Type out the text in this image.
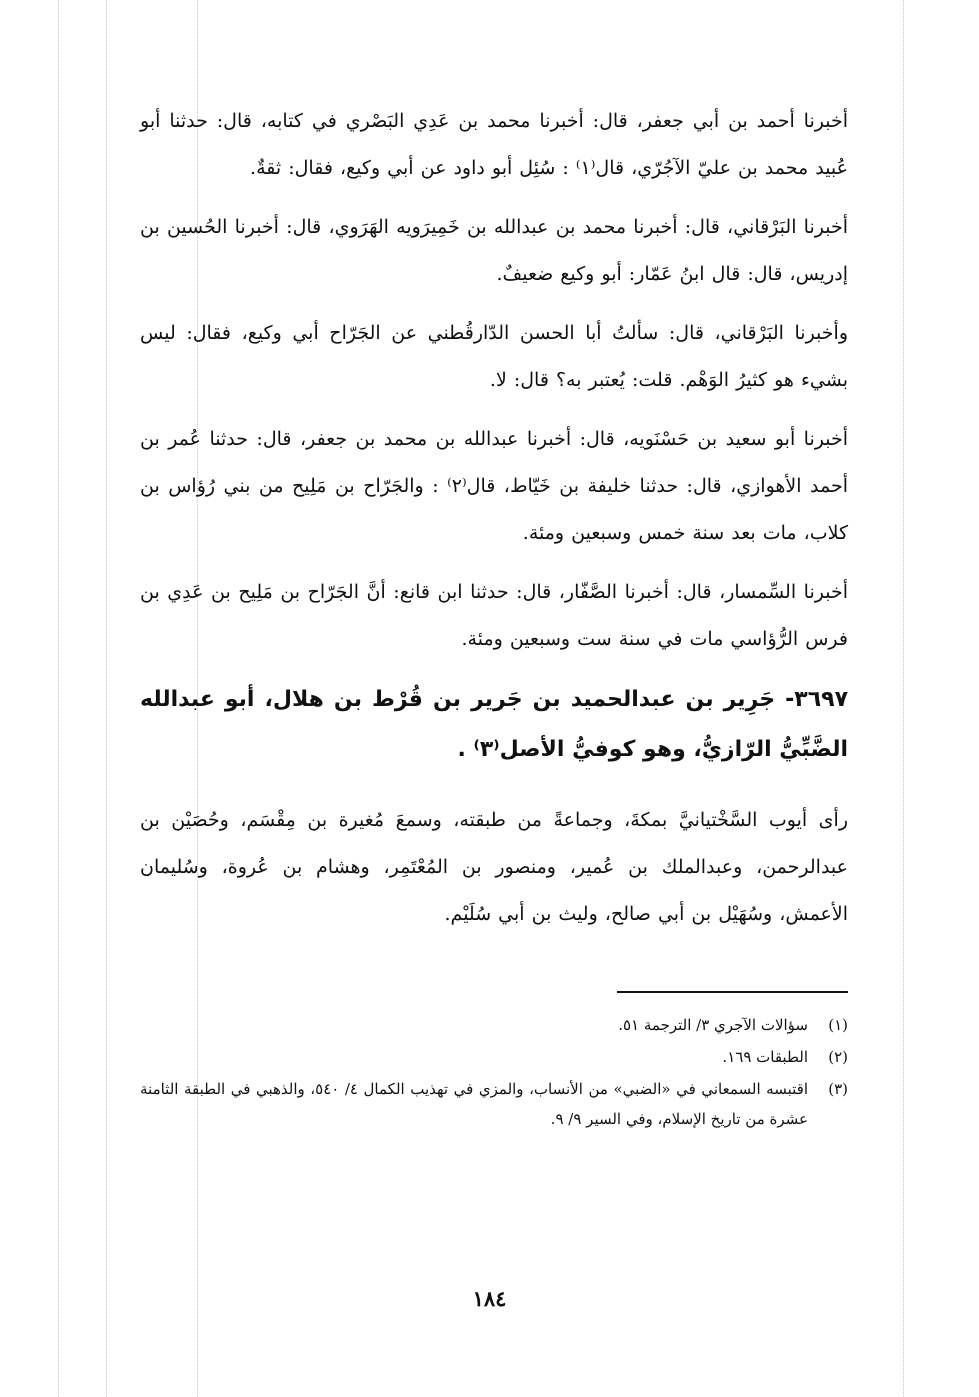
أخبرنا أحمد بن أبي جعفر، قال: أخبرنا محمد بن عَدِي البَصْري في كتابه، قال: حدثنا أبو عُبيد محمد بن عليّ الآجُرّي، قال⁽١⁾ : سُئِل أبو داود عن أبي وكيع، فقال: ثقةٌ.

أخبرنا البَرْقاني، قال: أخبرنا محمد بن عبدالله بن خَمِيرَويه الهَرَوي، قال: أخبرنا الحُسين بن إدريس، قال: قال ابنُ عَمّار: أبو وكيع ضعيفٌ.

وأخبرنا البَرْقاني، قال: سألتُ أبا الحسن الدّارقُطني عن الجَرّاح أبي وكيع، فقال: ليس بشيء هو كثيرُ الوَهْم. قلت: يُعتبر به؟ قال: لا.

أخبرنا أبو سعيد بن حَسْنَويه، قال: أخبرنا عبدالله بن محمد بن جعفر، قال: حدثنا عُمر بن أحمد الأهوازي، قال: حدثنا خليفة بن خَيّاط، قال⁽٢⁾ : والجَرّاح بن مَلِيح من بني رُؤاس بن كلاب، مات بعد سنة خمس وسبعين ومئة.

أخبرنا السِّمسار، قال: أخبرنا الصَّفّار، قال: حدثنا ابن قانع: أنَّ الجَرّاح بن مَلِيح بن عَدِي بن فرس الرُّؤاسي مات في سنة ست وسبعين ومئة.

٣٦٩٧- جَرِير بن عبدالحميد بن جَرير بن قُرْط بن هلال، أبو عبدالله الضَّبِّيُّ الرّازيُّ، وهو كوفيُّ الأصل⁽٣⁾ .

رأى أيوب السَّخْتيانيَّ بمكةَ، وجماعةً من طبقته، وسمعَ مُغيرة بن مِقْسَم، وحُصَيْن بن عبدالرحمن، وعبدالملك بن عُمير، ومنصور بن المُعْتَمِر، وهشام بن عُروة، وسُليمان الأعمش، وسُهَيْل بن أبي صالح، وليث بن أبي سُلَيْم.

(١)
سؤالات الآجري ٣/ الترجمة ٥١.
(٢)
الطبقات ١٦٩.
(٣)
اقتبسه السمعاني في «الضبي» من الأنساب، والمزي في تهذيب الكمال ٤/ ٥٤٠، والذهبي في الطبقة الثامنة عشرة من تاريخ الإسلام، وفي السير ٩/ ٩.
١٨٤
